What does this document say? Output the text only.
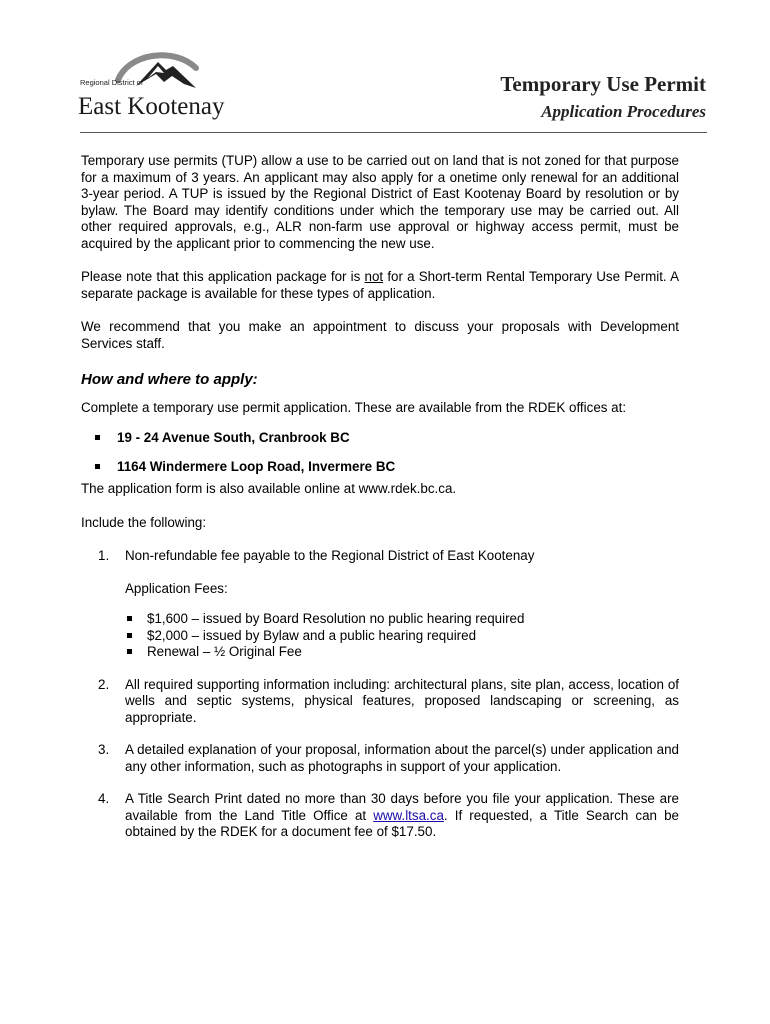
Regional District of
East Kootenay
Temporary Use Permit
Application Procedures

Temporary use permits (TUP) allow a use to be carried out on land that is not zoned for that purpose for a maximum of 3 years. An applicant may also apply for a onetime only renewal for an additional 3-year period. A TUP is issued by the Regional District of East Kootenay Board by resolution or by bylaw. The Board may identify conditions under which the temporary use may be carried out. All other required approvals, e.g., ALR non-farm use approval or highway access permit, must be acquired by the applicant prior to commencing the new use.

Please note that this application package for is not for a Short-term Rental Temporary Use Permit. A separate package is available for these types of application.

We recommend that you make an appointment to discuss your proposals with Development Services staff.

How and where to apply:
Complete a temporary use permit application. These are available from the RDEK offices at:
19 - 24 Avenue South, Cranbrook BC
1164 Windermere Loop Road, Invermere BC
The application form is also available online at www.rdek.bc.ca.
Include the following:
1. Non-refundable fee payable to the Regional District of East Kootenay
Application Fees:
$1,600 – issued by Board Resolution no public hearing required
$2,000 – issued by Bylaw and a public hearing required
Renewal – ½ Original Fee
2. All required supporting information including: architectural plans, site plan, access, location of wells and septic systems, physical features, proposed landscaping or screening, as appropriate.
3. A detailed explanation of your proposal, information about the parcel(s) under application and any other information, such as photographs in support of your application.
4. A Title Search Print dated no more than 30 days before you file your application. These are available from the Land Title Office at www.ltsa.ca. If requested, a Title Search can be obtained by the RDEK for a document fee of $17.50.
